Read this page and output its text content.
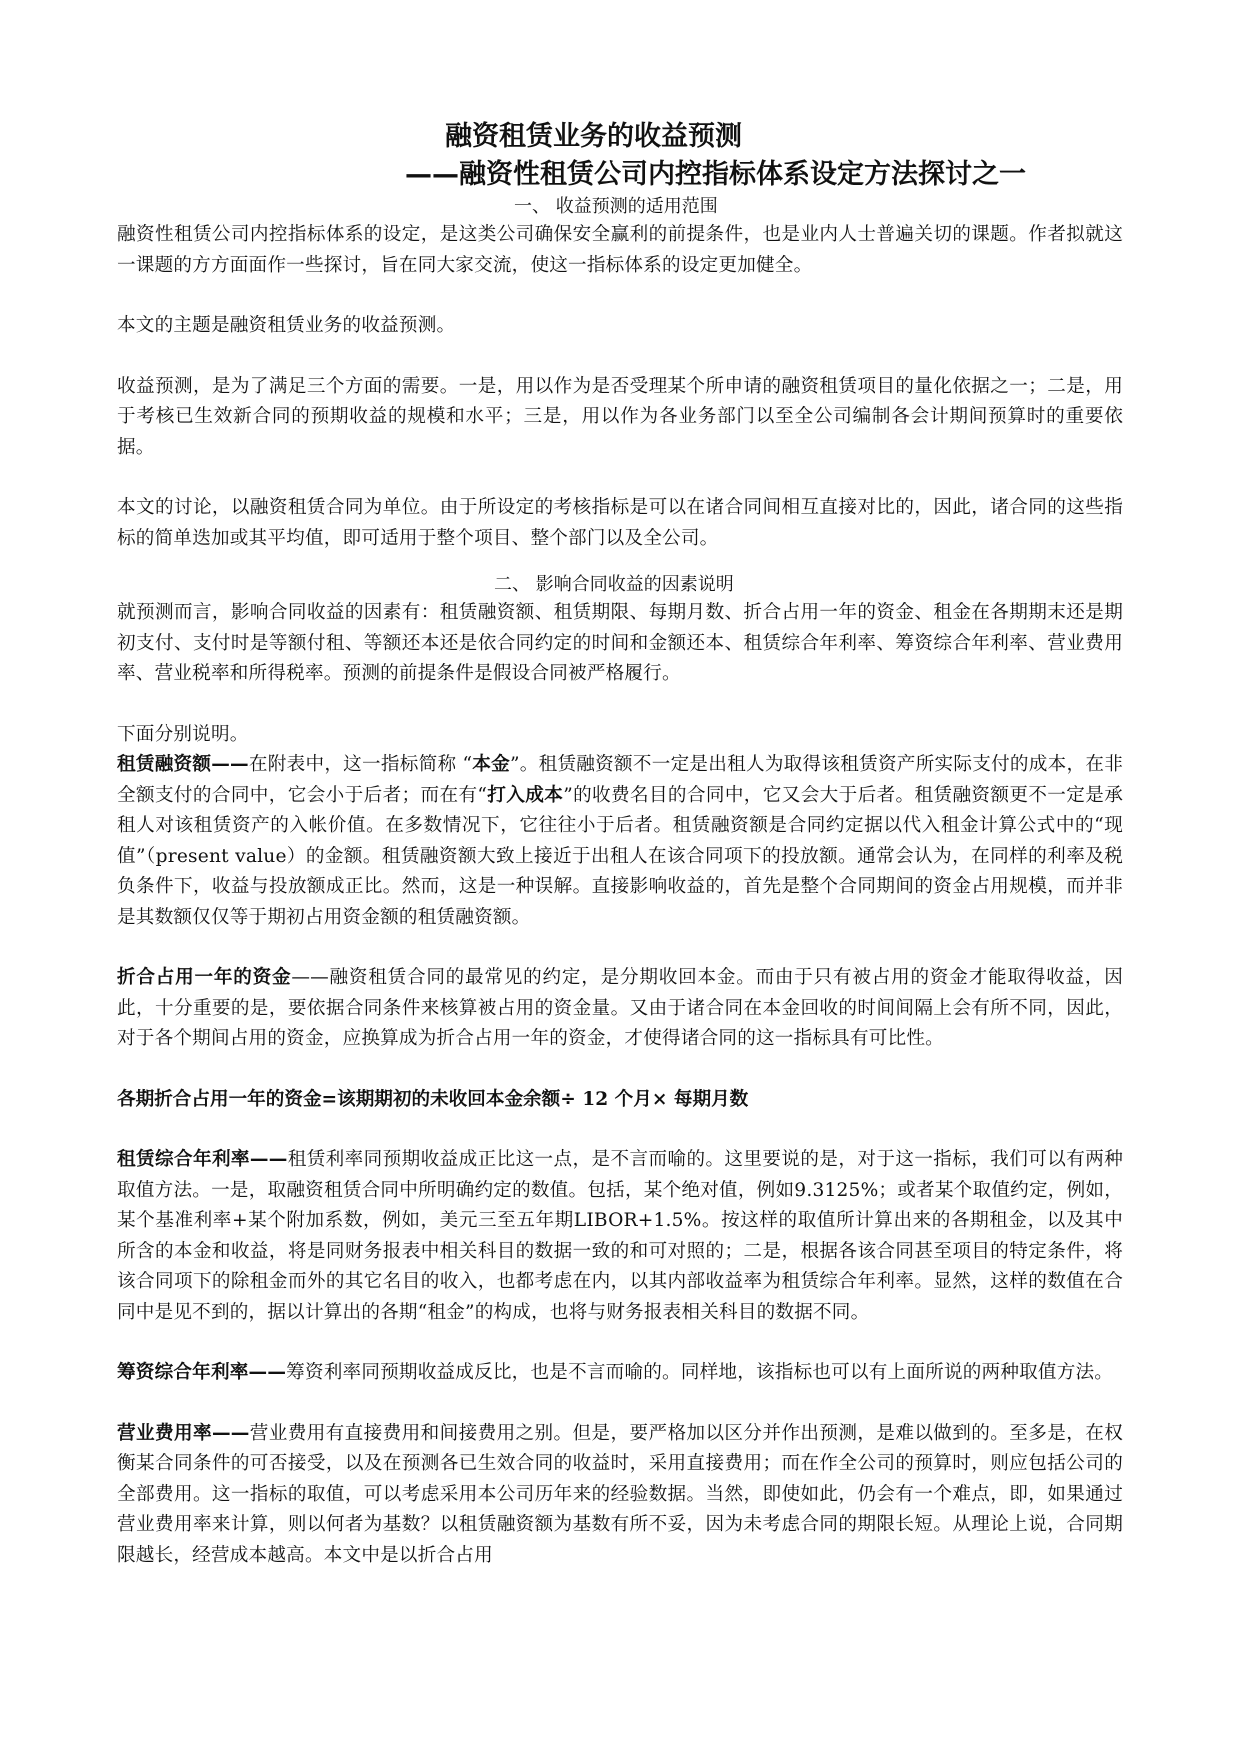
融资租赁业务的收益预测
——融资性租赁公司内控指标体系设定方法探讨之一
一、 收益预测的适用范围

融资性租赁公司内控指标体系的设定，是这类公司确保安全赢利的前提条件，也是业内人士普遍关切的课题。作者拟就这一课题的方方面面作一些探讨，旨在同大家交流，使这一指标体系的设定更加健全。

本文的主题是融资租赁业务的收益预测。

收益预测，是为了满足三个方面的需要。一是，用以作为是否受理某个所申请的融资租赁项目的量化依据之一；二是，用于考核已生效新合同的预期收益的规模和水平；三是，用以作为各业务部门以至全公司编制各会计期间预算时的重要依据。

本文的讨论，以融资租赁合同为单位。由于所设定的考核指标是可以在诸合同间相互直接对比的，因此，诸合同的这些指标的简单迭加或其平均值，即可适用于整个项目、整个部门以及全公司。

二、 影响合同收益的因素说明

就预测而言，影响合同收益的因素有：租赁融资额、租赁期限、每期月数、折合占用一年的资金、租金在各期期末还是期初支付、支付时是等额付租、等额还本还是依合同约定的时间和金额还本、租赁综合年利率、筹资综合年利率、营业费用率、营业税率和所得税率。预测的前提条件是假设合同被严格履行。

下面分别说明。

租赁融资额——在附表中，这一指标简称 “本金”。租赁融资额不一定是出租人为取得该租赁资产所实际支付的成本，在非全额支付的合同中，它会小于后者；而在有“打入成本”的收费名目的合同中，它又会大于后者。租赁融资额更不一定是承租人对该租赁资产的入帐价值。在多数情况下，它往往小于后者。租赁融资额是合同约定据以代入租金计算公式中的“现值”（present value）的金额。租赁融资额大致上接近于出租人在该合同项下的投放额。通常会认为，在同样的利率及税负条件下，收益与投放额成正比。然而，这是一种误解。直接影响收益的，首先是整个合同期间的资金占用规模，而并非是其数额仅仅等于期初占用资金额的租赁融资额。

折合占用一年的资金——融资租赁合同的最常见的约定，是分期收回本金。而由于只有被占用的资金才能取得收益，因此，十分重要的是，要依据合同条件来核算被占用的资金量。又由于诸合同在本金回收的时间间隔上会有所不同，因此，对于各个期间占用的资金，应换算成为折合占用一年的资金，才使得诸合同的这一指标具有可比性。

各期折合占用一年的资金=该期期初的未收回本金余额÷ 12 个月× 每期月数

租赁综合年利率——租赁利率同预期收益成正比这一点，是不言而喻的。这里要说的是，对于这一指标，我们可以有两种取值方法。一是，取融资租赁合同中所明确约定的数值。包括，某个绝对值，例如9.3125%；或者某个取值约定，例如，某个基准利率+某个附加系数，例如，美元三至五年期LIBOR+1.5%。按这样的取值所计算出来的各期租金，以及其中所含的本金和收益，将是同财务报表中相关科目的数据一致的和可对照的；二是，根据各该合同甚至项目的特定条件，将该合同项下的除租金而外的其它名目的收入，也都考虑在内，以其内部收益率为租赁综合年利率。显然，这样的数值在合同中是见不到的，据以计算出的各期“租金”的构成，也将与财务报表相关科目的数据不同。

筹资综合年利率——筹资利率同预期收益成反比，也是不言而喻的。同样地，该指标也可以有上面所说的两种取值方法。

营业费用率——营业费用有直接费用和间接费用之别。但是，要严格加以区分并作出预测，是难以做到的。至多是，在权衡某合同条件的可否接受，以及在预测各已生效合同的收益时，采用直接费用；而在作全公司的预算时，则应包括公司的全部费用。这一指标的取值，可以考虑采用本公司历年来的经验数据。当然，即使如此，仍会有一个难点，即，如果通过营业费用率来计算，则以何者为基数？以租赁融资额为基数有所不妥，因为未考虑合同的期限长短。从理论上说，合同期限越长，经营成本越高。本文中是以折合占用
